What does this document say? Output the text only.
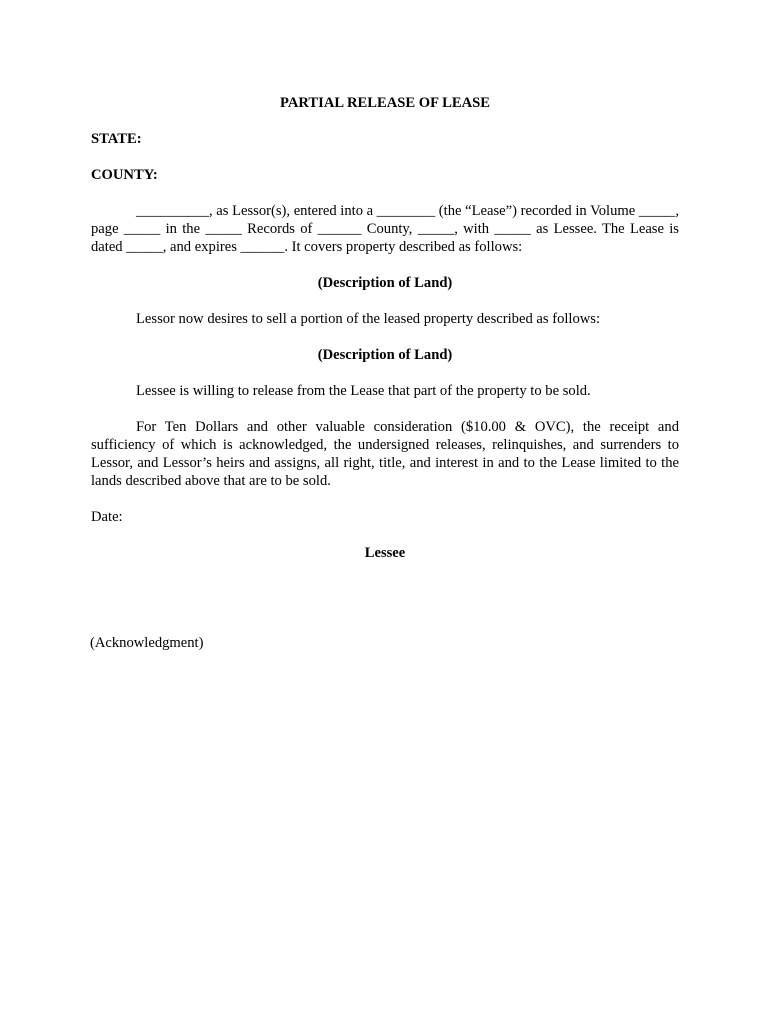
PARTIAL RELEASE OF LEASE
STATE:
COUNTY:
__________, as Lessor(s), entered into a ________ (the “Lease”) recorded in Volume _____, page _____ in the _____ Records of ______ County, _____, with _____ as Lessee. The Lease is dated _____, and expires ______. It covers property described as follows:
(Description of Land)
Lessor now desires to sell a portion of the leased property described as follows:
(Description of Land)
Lessee is willing to release from the Lease that part of the property to be sold.
For Ten Dollars and other valuable consideration ($10.00 & OVC), the receipt and sufficiency of which is acknowledged, the undersigned releases, relinquishes, and surrenders to Lessor, and Lessor’s heirs and assigns, all right, title, and interest in and to the Lease limited to the lands described above that are to be sold.
Date:
Lessee
(Acknowledgment)
